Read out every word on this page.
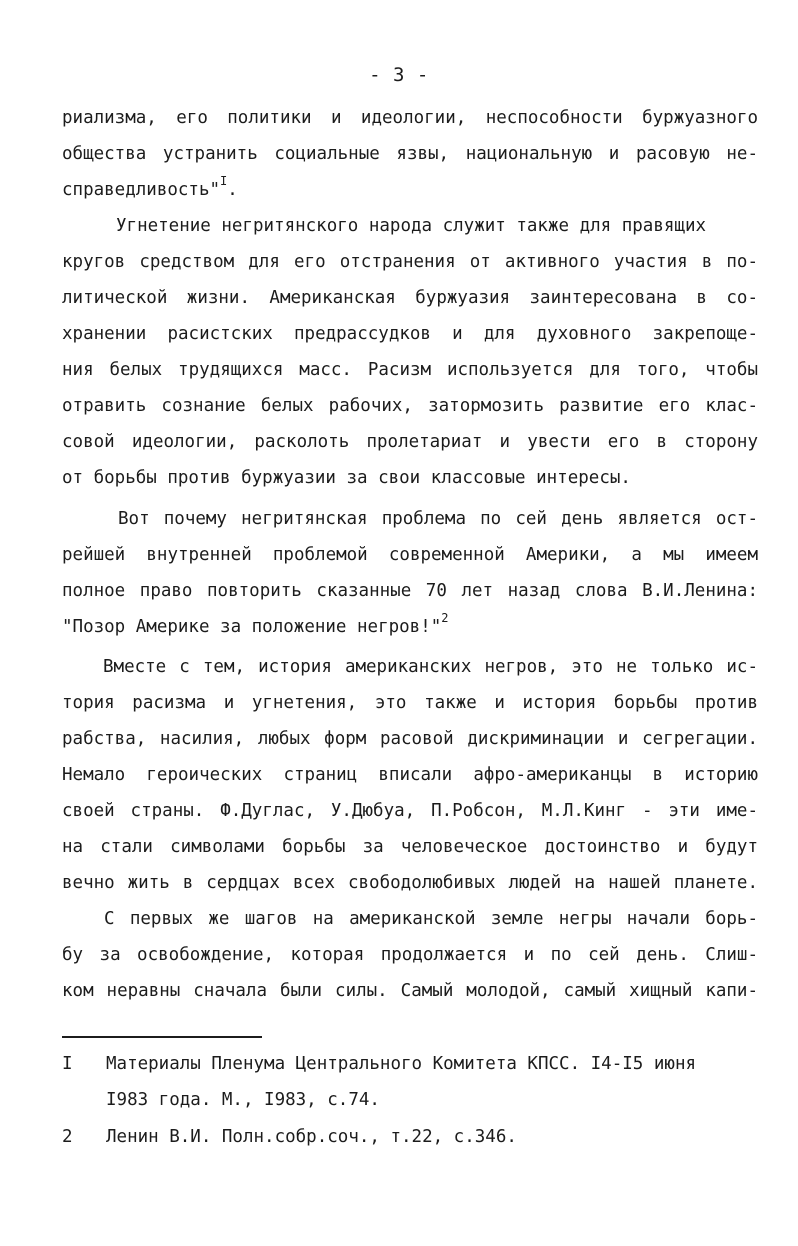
- 3 -
риализма, его политики и идеологии, неспособности буржуазного
общества устранить социальные язвы, национальную и расовую не-
справедливость"$^I$.
Угнетение негритянского народа служит также для правящих
кругов средством для его отстранения от активного участия в по-
литической жизни. Американская буржуазия заинтересована в со-
хранении расистских предрассудков и для духовного закрепоще-
ния белых трудящихся масс. Расизм используется для того, чтобы
отравить сознание белых рабочих, затормозить развитие его клас-
совой идеологии, расколоть пролетариат и увести его в сторону
от борьбы против буржуазии за свои классовые интересы.
Вот почему негритянская проблема по сей день является ост-
рейшей внутренней проблемой современной Америки, а мы имеем
полное право повторить сказанные 70 лет назад слова В.И.Ленина:
"Позор Америке за положение негров!"$^2$
Вместе с тем, история американских негров, это не только ис-
тория расизма и угнетения, это также и история борьбы против
рабства, насилия, любых форм расовой дискриминации и сегрегации.
Немало героических страниц вписали афро-американцы в историю
своей страны. Ф.Дуглас, У.Дюбуа, П.Робсон, М.Л.Кинг - эти име-
на стали символами борьбы за человеческое достоинство и будут
вечно жить в сердцах всех свободолюбивых людей на нашей планете.
С первых же шагов на американской земле негры начали борь-
бу за освобождение, которая продолжается и по сей день. Слиш-
ком неравны сначала были силы. Самый молодой, самый хищный капи-
I Материалы Пленума Центрального Комитета КПСС. I4-I5 июня
I983 года. М., I983, с.74.
2 Ленин В.И. Полн.собр.соч., т.22, с.346.
